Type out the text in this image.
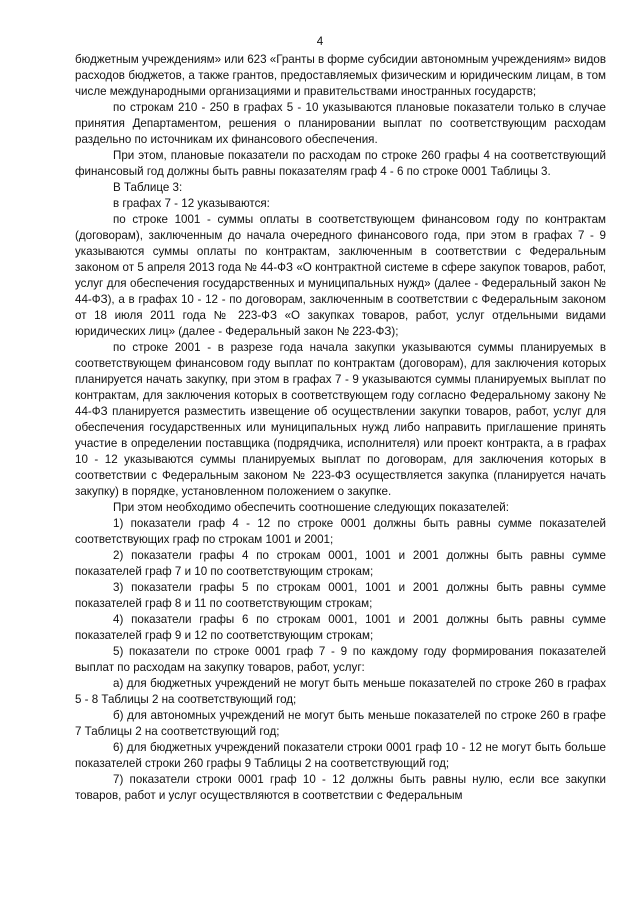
4

бюджетным учреждениям» или 623 «Гранты в форме субсидии автономным учреждениям» видов расходов бюджетов, а также грантов, предоставляемых физическим и юридическим лицам, в том числе международными организациями и правительствами иностранных государств;

по строкам 210 - 250 в графах 5 - 10 указываются плановые показатели только в случае принятия Департаментом, решения о планировании выплат по соответствующим расходам раздельно по источникам их финансового обеспечения.

При этом, плановые показатели по расходам по строке 260 графы 4 на соответствующий финансовый год должны быть равны показателям граф 4 - 6 по строке 0001 Таблицы 3.

В Таблице 3:

в графах 7 - 12 указываются:

по строке 1001 - суммы оплаты в соответствующем финансовом году по контрактам (договорам), заключенным до начала очередного финансового года, при этом в графах 7 - 9 указываются суммы оплаты по контрактам, заключенным в соответствии с Федеральным законом от 5 апреля 2013 года № 44-ФЗ «О контрактной системе в сфере закупок товаров, работ, услуг для обеспечения государственных и муниципальных нужд» (далее - Федеральный закон № 44-ФЗ), а в графах 10 - 12 - по договорам, заключенным в соответствии с Федеральным законом от 18 июля 2011 года № 223-ФЗ «О закупках товаров, работ, услуг отдельными видами юридических лиц» (далее - Федеральный закон № 223-ФЗ);

по строке 2001 - в разрезе года начала закупки указываются суммы планируемых в соответствующем финансовом году выплат по контрактам (договорам), для заключения которых планируется начать закупку, при этом в графах 7 - 9 указываются суммы планируемых выплат по контрактам, для заключения которых в соответствующем году согласно Федеральному закону № 44-ФЗ планируется разместить извещение об осуществлении закупки товаров, работ, услуг для обеспечения государственных или муниципальных нужд либо направить приглашение принять участие в определении поставщика (подрядчика, исполнителя) или проект контракта, а в графах 10 - 12 указываются суммы планируемых выплат по договорам, для заключения которых в соответствии с Федеральным законом № 223-ФЗ осуществляется закупка (планируется начать закупку) в порядке, установленном положением о закупке.

При этом необходимо обеспечить соотношение следующих показателей:

1) показатели граф 4 - 12 по строке 0001 должны быть равны сумме показателей соответствующих граф по строкам 1001 и 2001;

2) показатели графы 4 по строкам 0001, 1001 и 2001 должны быть равны сумме показателей граф 7 и 10 по соответствующим строкам;

3) показатели графы 5 по строкам 0001, 1001 и 2001 должны быть равны сумме показателей граф 8 и 11 по соответствующим строкам;

4) показатели графы 6 по строкам 0001, 1001 и 2001 должны быть равны сумме показателей граф 9 и 12 по соответствующим строкам;

5) показатели по строке 0001 граф 7 - 9 по каждому году формирования показателей выплат по расходам на закупку товаров, работ, услуг:

а) для бюджетных учреждений не могут быть меньше показателей по строке 260 в графах 5 - 8 Таблицы 2 на соответствующий год;

б) для автономных учреждений не могут быть меньше показателей по строке 260 в графе 7 Таблицы 2 на соответствующий год;

6) для бюджетных учреждений показатели строки 0001 граф 10 - 12 не могут быть больше показателей строки 260 графы 9 Таблицы 2 на соответствующий год;

7) показатели строки 0001 граф 10 - 12 должны быть равны нулю, если все закупки товаров, работ и услуг осуществляются в соответствии с Федеральным
